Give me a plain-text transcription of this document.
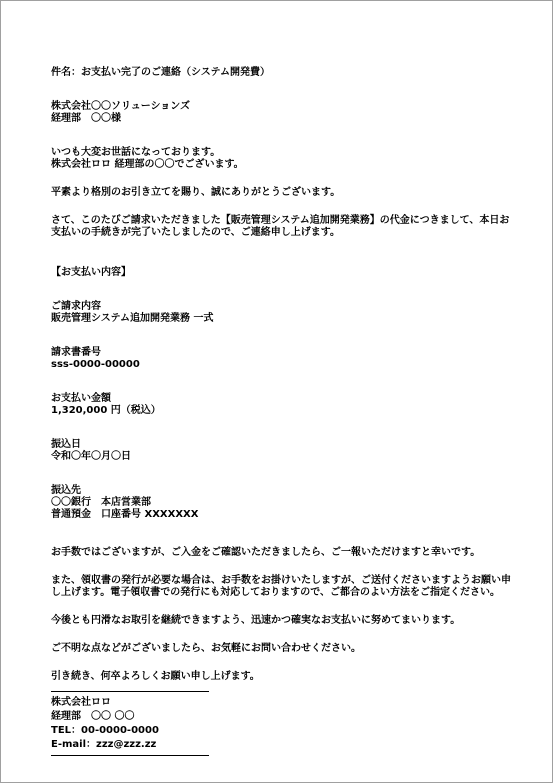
件名：お支払い完了のご連絡（システム開発費）
株式会社〇〇ソリューションズ
経理部　〇〇様
いつも大変お世話になっております。
株式会社ロロ 経理部の〇〇でございます。
平素より格別のお引き立てを賜り、誠にありがとうございます。
さて、このたびご請求いただきました【販売管理システム追加開発業務】の代金につきまして、本日お
支払いの手続きが完了いたしましたので、ご連絡申し上げます。
【お支払い内容】
ご請求内容
販売管理システム追加開発業務 一式
請求書番号
sss-0000-00000
お支払い金額
1,320,000 円（税込）
振込日
令和〇年〇月〇日
振込先
〇〇銀行　本店営業部
普通預金　口座番号 XXXXXXX
お手数ではございますが、ご入金をご確認いただきましたら、ご一報いただけますと幸いです。
また、領収書の発行が必要な場合は、お手数をお掛けいたしますが、ご送付くださいますようお願い申
し上げます。電子領収書での発行にも対応しておりますので、ご都合のよい方法をご指定ください。
今後とも円滑なお取引を継続できますよう、迅速かつ確実なお支払いに努めてまいります。
ご不明な点などがございましたら、お気軽にお問い合わせください。
引き続き、何卒よろしくお願い申し上げます。
株式会社ロロ
経理部　〇〇 〇〇
TEL：00-0000-0000
E-mail：zzz@zzz.zz
